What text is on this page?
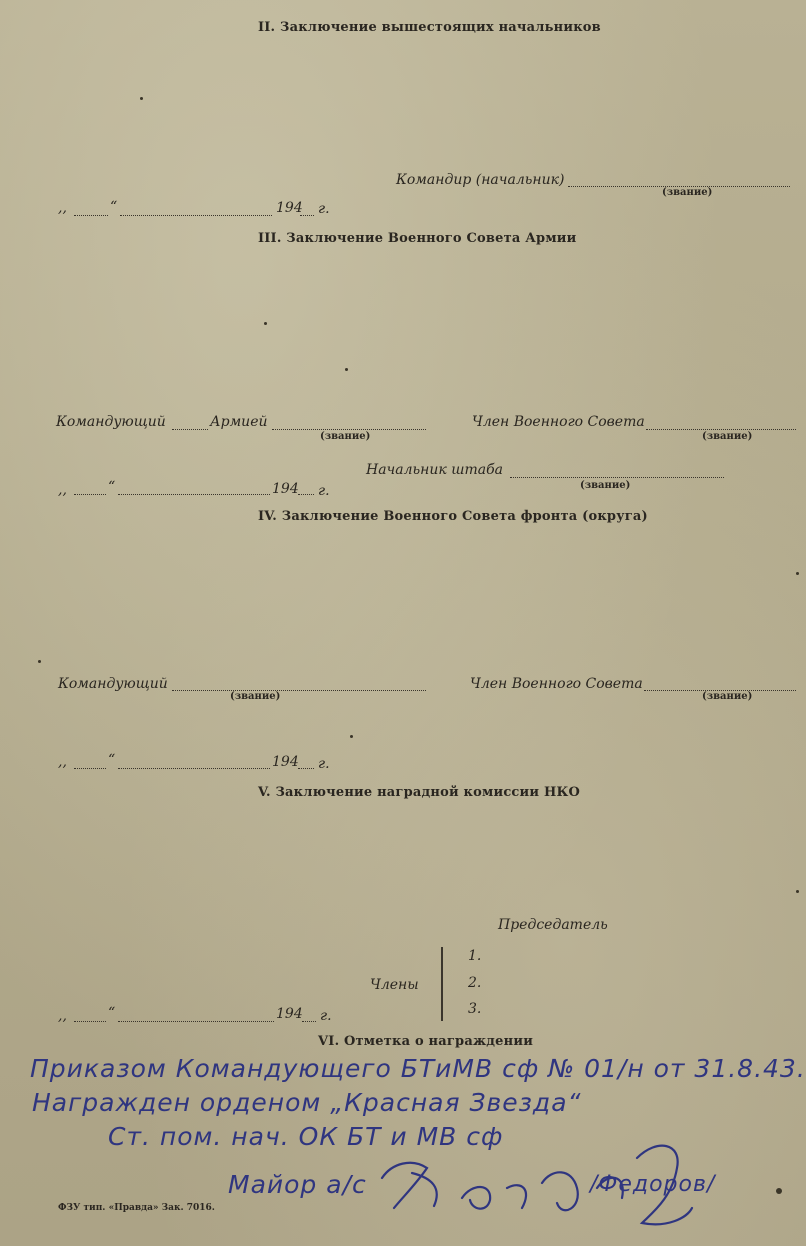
II. Заключение вышестоящих начальников
Командир (начальник)
(звание)
,,	“	194 г.
III. Заключение Военного Совета Армии
Командующий	Армией
(звание)
Член Военного Совета
(звание)
Начальник штаба
(звание)
,,	“	194 г.
IV. Заключение Военного Совета фронта (округа)
Командующий
(звание)
Член Военного Совета
(звание)
,,	“	194 г.
V. Заключение наградной комиссии НКО
Председатель
Члены
1.
2.
3.
,,	“	194 г.
VI. Отметка о награждении
Приказом Командующего БТиМВ сф № 01/н от 31.8.43.
Награжден орденом „Красная Звезда“
Ст. пом. нач. ОК БТ и МВ сф
Майор а/с	/Федоров/
ФЗУ тип. «Правда» Зак. 7016.
